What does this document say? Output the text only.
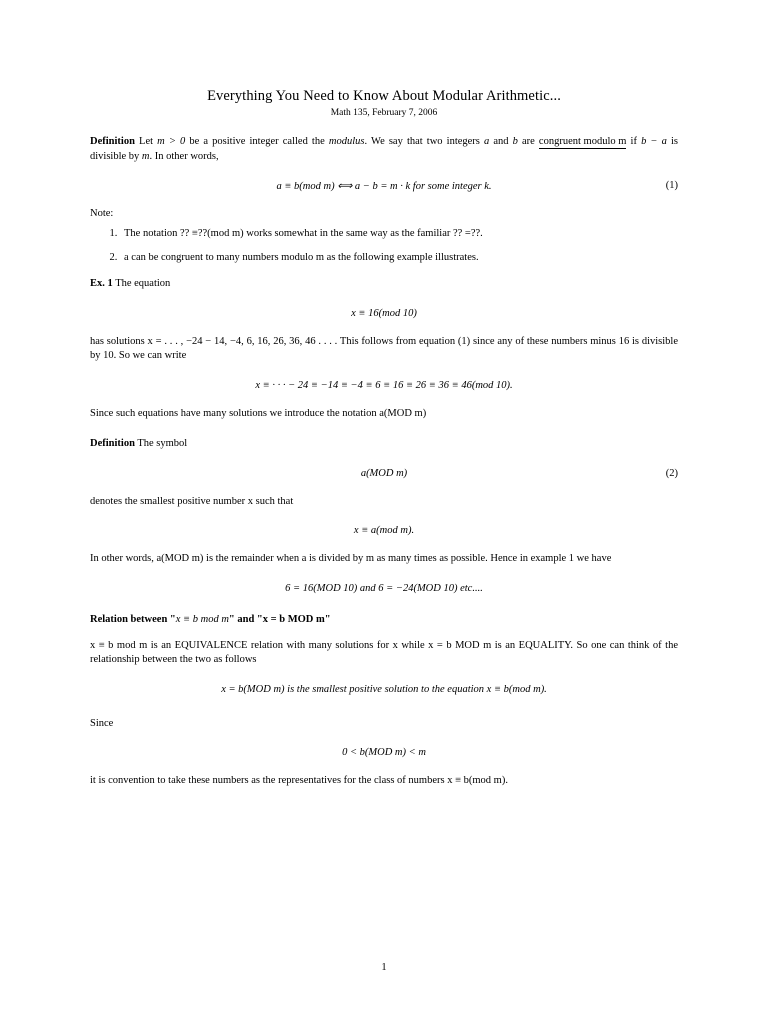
Everything You Need to Know About Modular Arithmetic...
Math 135, February 7, 2006

Definition Let m > 0 be a positive integer called the modulus. We say that two integers a and b are congruent modulo m if b − a is divisible by m. In other words,

a ≡ b(mod m) ⟺ a − b = m · k for some integer k.	(1)

Note:

1. The notation ?? ≡??(mod m) works somewhat in the same way as the familiar ?? =??.
2. a can be congruent to many numbers modulo m as the following example illustrates.

Ex. 1 The equation

x ≡ 16(mod 10)

has solutions x = . . . , −24 − 14, −4, 6, 16, 26, 36, 46 . . . . This follows from equation (1) since any of these numbers minus 16 is divisible by 10. So we can write

x ≡ · · · − 24 ≡ −14 ≡ −4 ≡ 6 ≡ 16 ≡ 26 ≡ 36 ≡ 46(mod 10).

Since such equations have many solutions we introduce the notation a(MOD m)

Definition The symbol

a(MOD m)	(2)

denotes the smallest positive number x such that

x ≡ a(mod m).

In other words, a(MOD m) is the remainder when a is divided by m as many times as possible. Hence in example 1 we have

6 = 16(MOD 10) and 6 = −24(MOD 10) etc....

Relation between "x ≡ b mod m" and "x = b MOD m"

x ≡ b mod m is an EQUIVALENCE relation with many solutions for x while x = b MOD m is an EQUALITY. So one can think of the relationship between the two as follows

x = b(MOD m) is the smallest positive solution to the equation x ≡ b(mod m).

Since

0 < b(MOD m) < m

it is convention to take these numbers as the representatives for the class of numbers x ≡ b(mod m).

1
